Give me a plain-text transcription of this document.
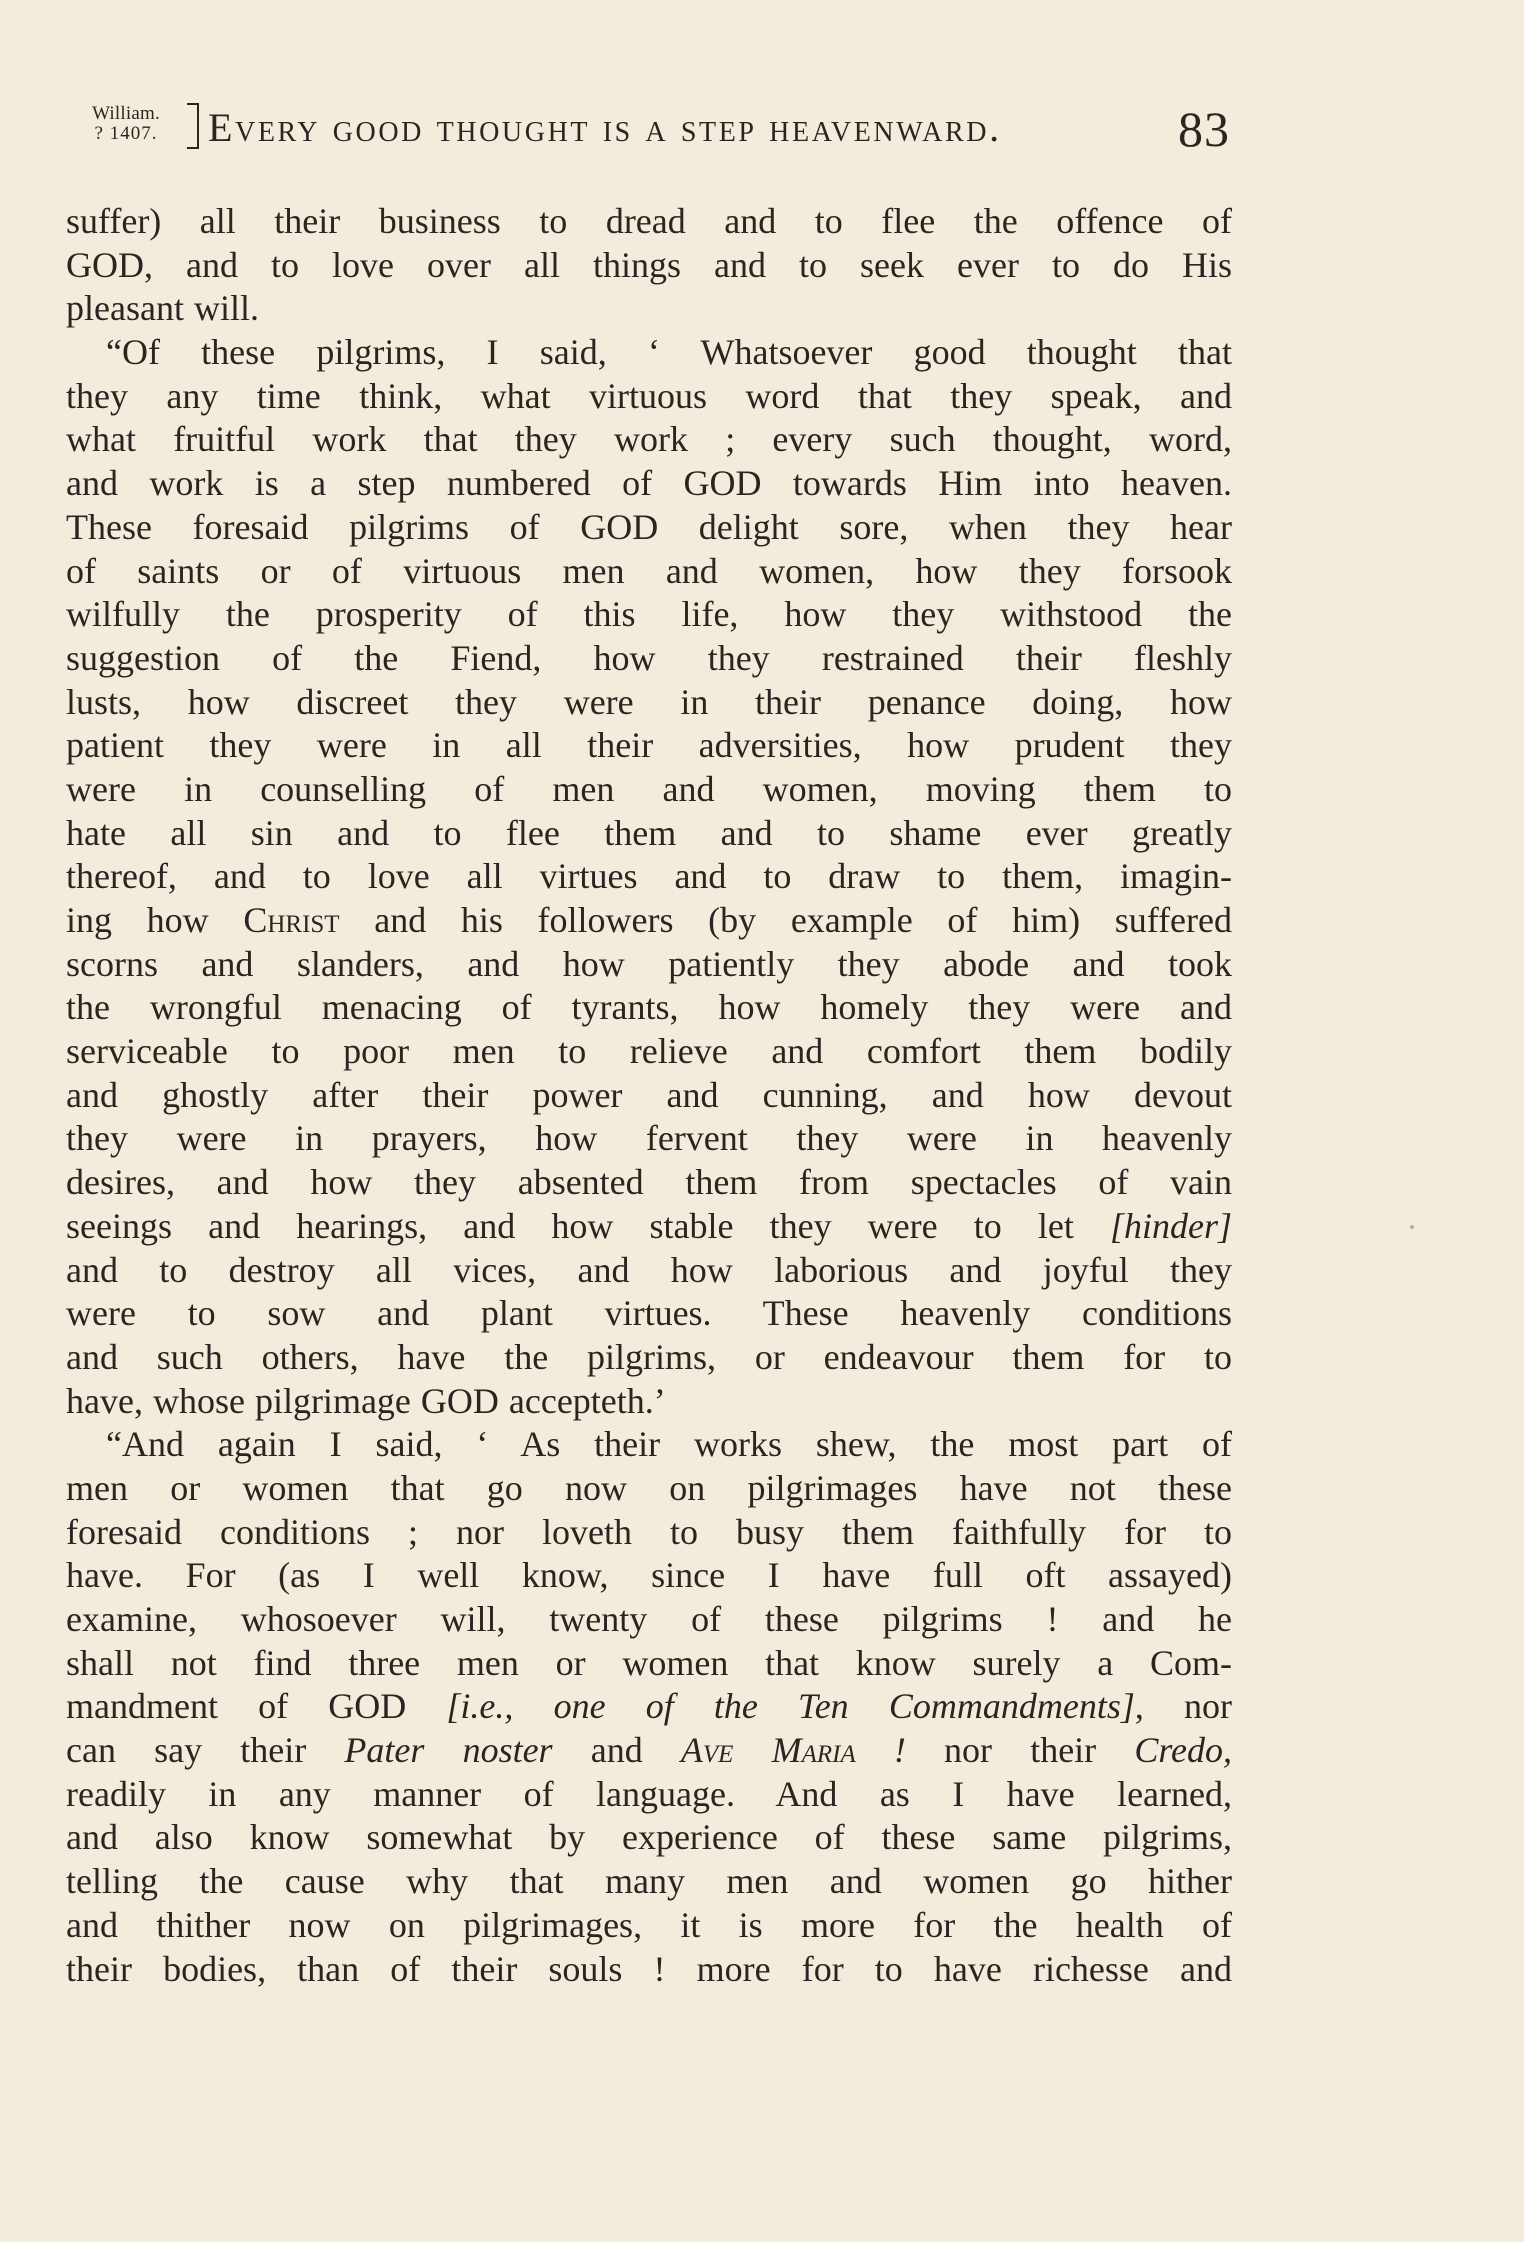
William.
? 1407.	Every good thought is a step heavenward.	83
suffer) all their business to dread and to flee the offence of
GOD, and to love over all things and to seek ever to do His
pleasant will.
“Of these pilgrims, I said, ‘ Whatsoever good thought that
they any time think, what virtuous word that they speak, and
what fruitful work that they work ; every such thought, word,
and work is a step numbered of GOD towards Him into heaven.
These foresaid pilgrims of GOD delight sore, when they hear
of saints or of virtuous men and women, how they forsook
wilfully the prosperity of this life, how they withstood the
suggestion of the Fiend, how they restrained their fleshly
lusts, how discreet they were in their penance doing, how
patient they were in all their adversities, how prudent they
were in counselling of men and women, moving them to
hate all sin and to flee them and to shame ever greatly
thereof, and to love all virtues and to draw to them, imagin-
ing how Christ and his followers (by example of him) suffered
scorns and slanders, and how patiently they abode and took
the wrongful menacing of tyrants, how homely they were and
serviceable to poor men to relieve and comfort them bodily
and ghostly after their power and cunning, and how devout
they were in prayers, how fervent they were in heavenly
desires, and how they absented them from spectacles of vain
seeings and hearings, and how stable they were to let [hinder]
and to destroy all vices, and how laborious and joyful they
were to sow and plant virtues. These heavenly conditions
and such others, have the pilgrims, or endeavour them for to
have, whose pilgrimage GOD accepteth.’
“And again I said, ‘ As their works shew, the most part of
men or women that go now on pilgrimages have not these
foresaid conditions ; nor loveth to busy them faithfully for to
have. For (as I well know, since I have full oft assayed)
examine, whosoever will, twenty of these pilgrims ! and he
shall not find three men or women that know surely a Com-
mandment of GOD [i.e., one of the Ten Commandments], nor
can say their Pater noster and Ave Maria ! nor their Credo,
readily in any manner of language. And as I have learned,
and also know somewhat by experience of these same pilgrims,
telling the cause why that many men and women go hither
and thither now on pilgrimages, it is more for the health of
their bodies, than of their souls ! more for to have richesse and
